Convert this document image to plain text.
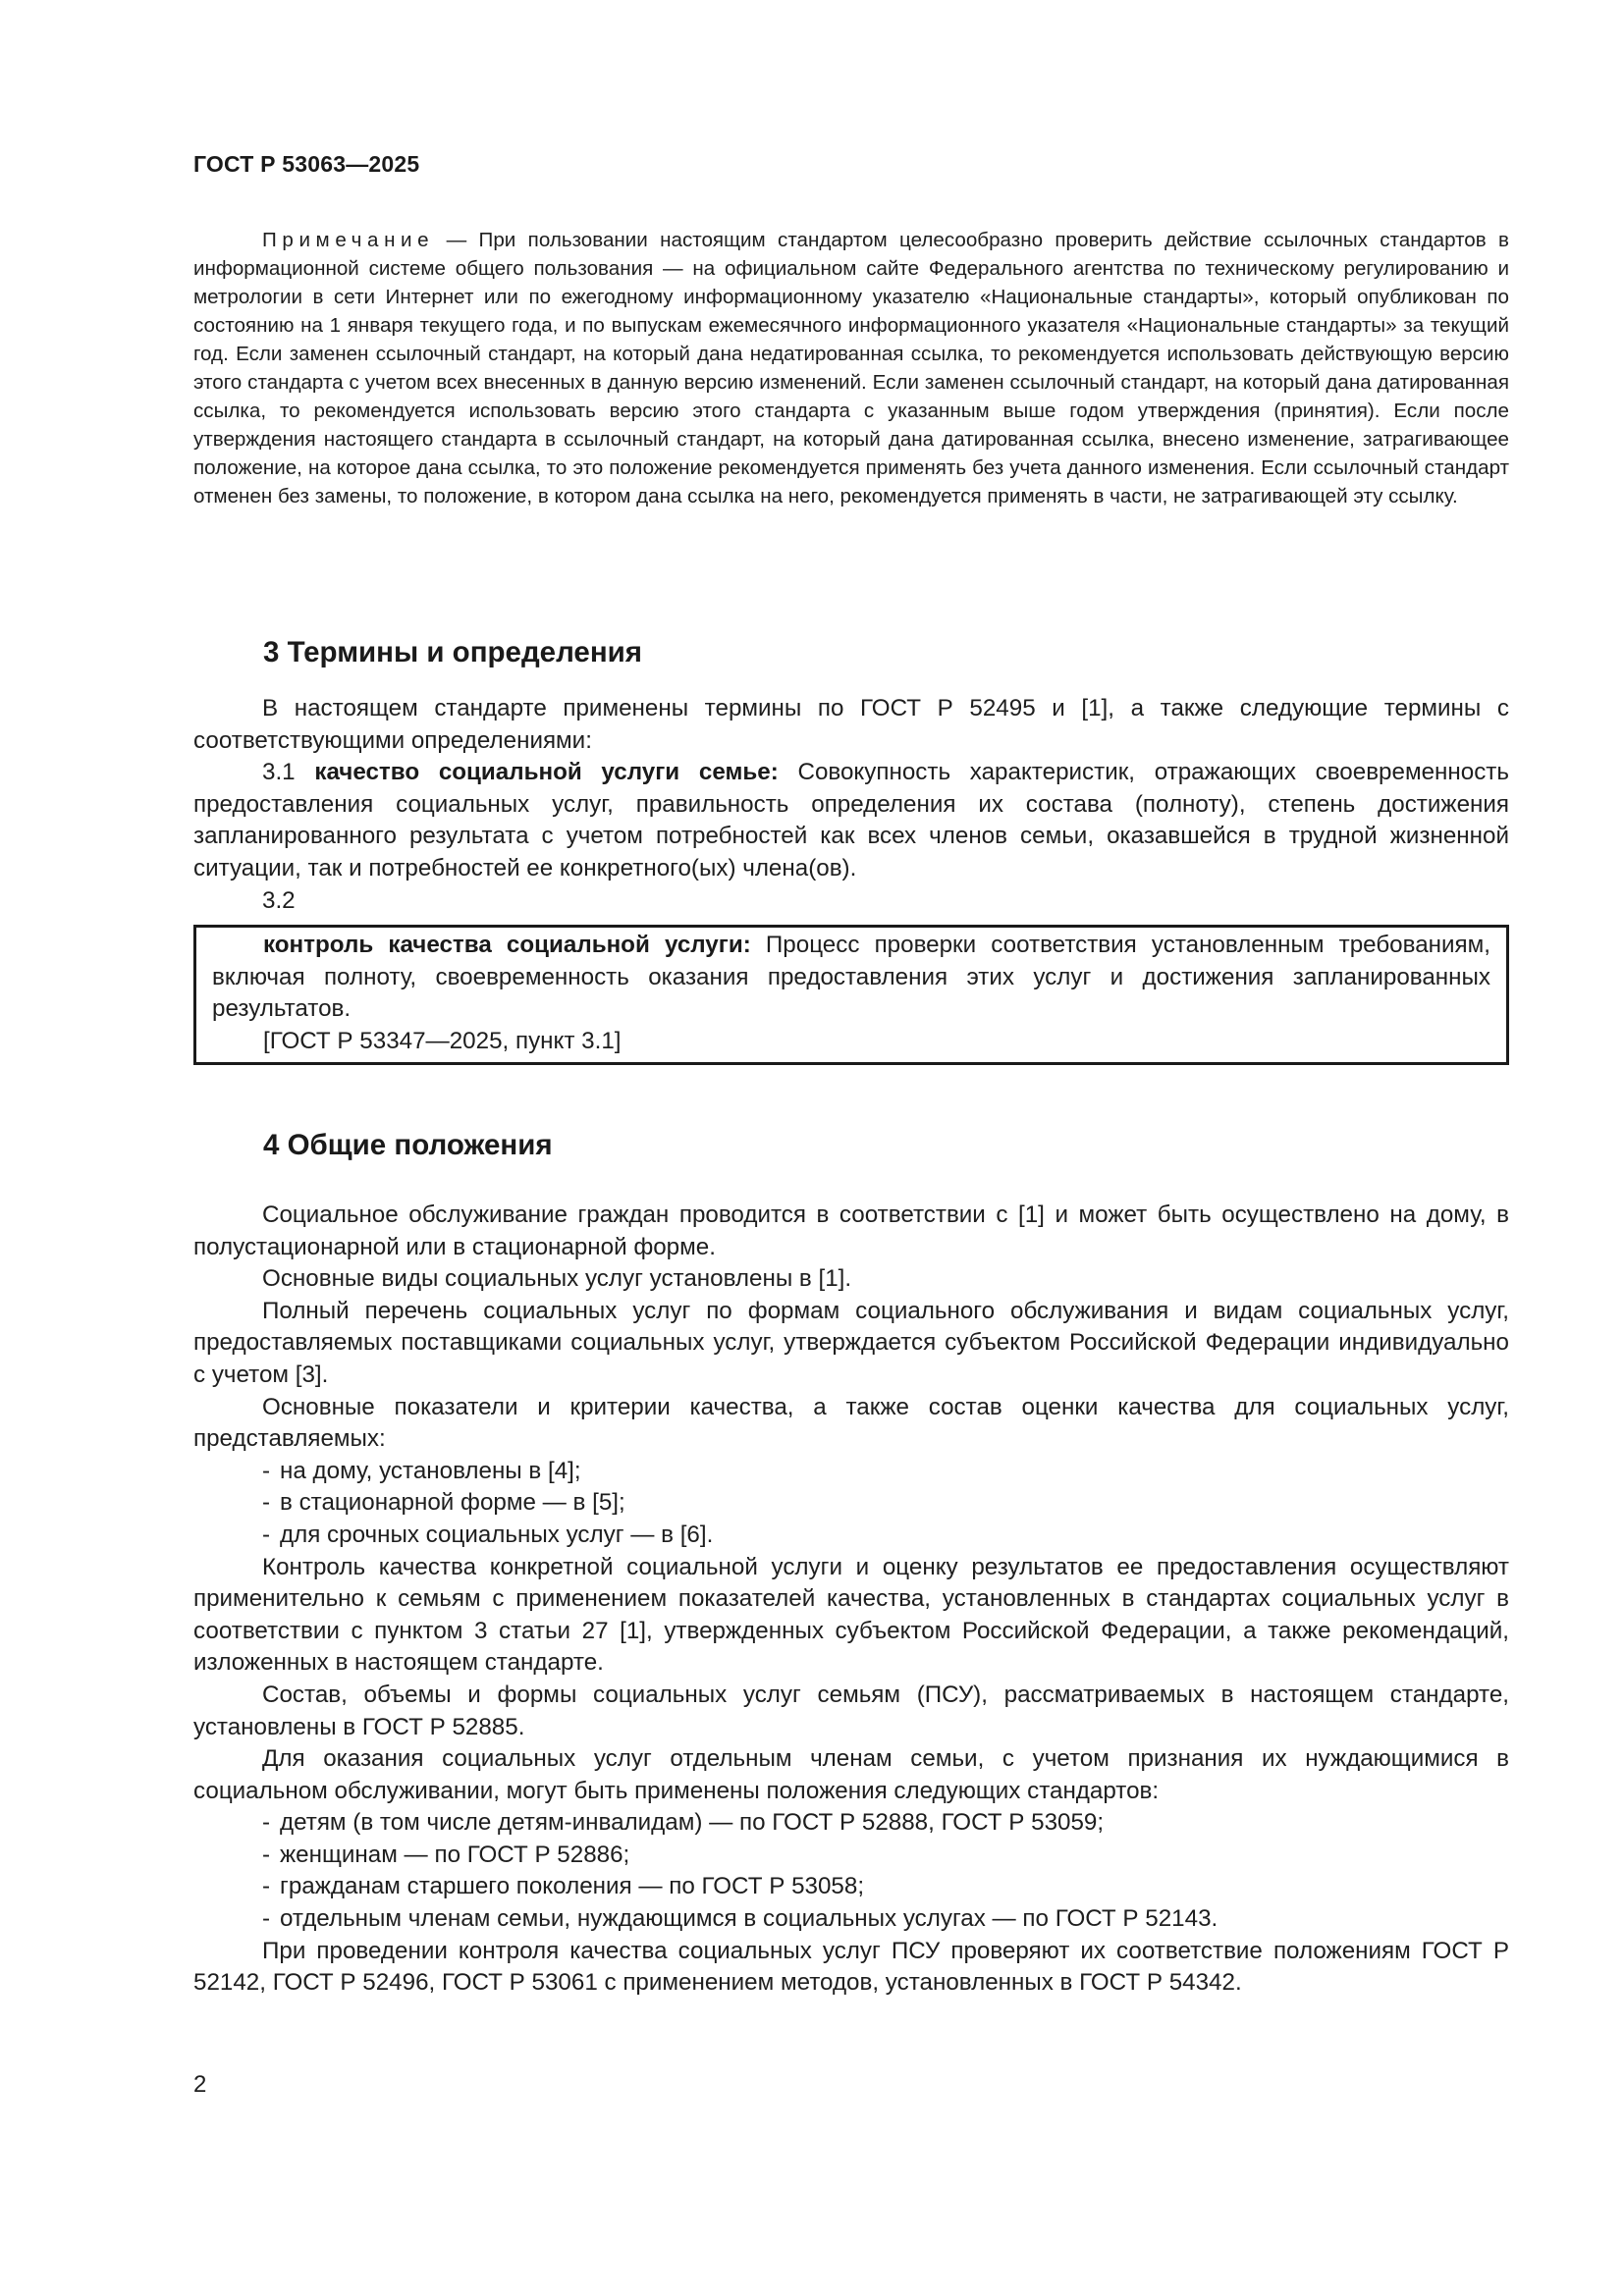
ГОСТ Р 53063—2025

Примечание — При пользовании настоящим стандартом целесообразно проверить действие ссылочных стандартов в информационной системе общего пользования — на официальном сайте Федерального агентства по техническому регулированию и метрологии в сети Интернет или по ежегодному информационному указателю «Национальные стандарты», который опубликован по состоянию на 1 января текущего года, и по выпускам ежемесячного информационного указателя «Национальные стандарты» за текущий год. Если заменен ссылочный стандарт, на который дана недатированная ссылка, то рекомендуется использовать действующую версию этого стандарта с учетом всех внесенных в данную версию изменений. Если заменен ссылочный стандарт, на который дана датированная ссылка, то рекомендуется использовать версию этого стандарта с указанным выше годом утверждения (принятия). Если после утверждения настоящего стандарта в ссылочный стандарт, на который дана датированная ссылка, внесено изменение, затрагивающее положение, на которое дана ссылка, то это положение рекомендуется применять без учета данного изменения. Если ссылочный стандарт отменен без замены, то положение, в котором дана ссылка на него, рекомендуется применять в части, не затрагивающей эту ссылку.

3 Термины и определения

В настоящем стандарте применены термины по ГОСТ Р 52495 и [1], а также следующие термины с соответствующими определениями:

3.1 качество социальной услуги семье: Совокупность характеристик, отражающих своевременность предоставления социальных услуг, правильность определения их состава (полноту), степень достижения запланированного результата с учетом потребностей как всех членов семьи, оказавшейся в трудной жизненной ситуации, так и потребностей ее конкретного(ых) члена(ов).

3.2

контроль качества социальной услуги: Процесс проверки соответствия установленным требованиям, включая полноту, своевременность оказания предоставления этих услуг и достижения запланированных результатов.

[ГОСТ Р 53347—2025, пункт 3.1]

4 Общие положения

Социальное обслуживание граждан проводится в соответствии с [1] и может быть осуществлено на дому, в полустационарной или в стационарной форме.

Основные виды социальных услуг установлены в [1].

Полный перечень социальных услуг по формам социального обслуживания и видам социальных услуг, предоставляемых поставщиками социальных услуг, утверждается субъектом Российской Федерации индивидуально с учетом [3].

Основные показатели и критерии качества, а также состав оценки качества для социальных услуг, представляемых:

- на дому, установлены в [4];
- в стационарной форме — в [5];
- для срочных социальных услуг — в [6].

Контроль качества конкретной социальной услуги и оценку результатов ее предоставления осуществляют применительно к семьям с применением показателей качества, установленных в стандартах социальных услуг в соответствии с пунктом 3 статьи 27 [1], утвержденных субъектом Российской Федерации, а также рекомендаций, изложенных в настоящем стандарте.

Состав, объемы и формы социальных услуг семьям (ПСУ), рассматриваемых в настоящем стандарте, установлены в ГОСТ Р 52885.

Для оказания социальных услуг отдельным членам семьи, с учетом признания их нуждающимися в социальном обслуживании, могут быть применены положения следующих стандартов:

- детям (в том числе детям-инвалидам) — по ГОСТ Р 52888, ГОСТ Р 53059;
- женщинам — по ГОСТ Р 52886;
- гражданам старшего поколения — по ГОСТ Р 53058;
- отдельным членам семьи, нуждающимся в социальных услугах — по ГОСТ Р 52143.

При проведении контроля качества социальных услуг ПСУ проверяют их соответствие положениям ГОСТ Р 52142, ГОСТ Р 52496, ГОСТ Р 53061 с применением методов, установленных в ГОСТ Р 54342.

2
